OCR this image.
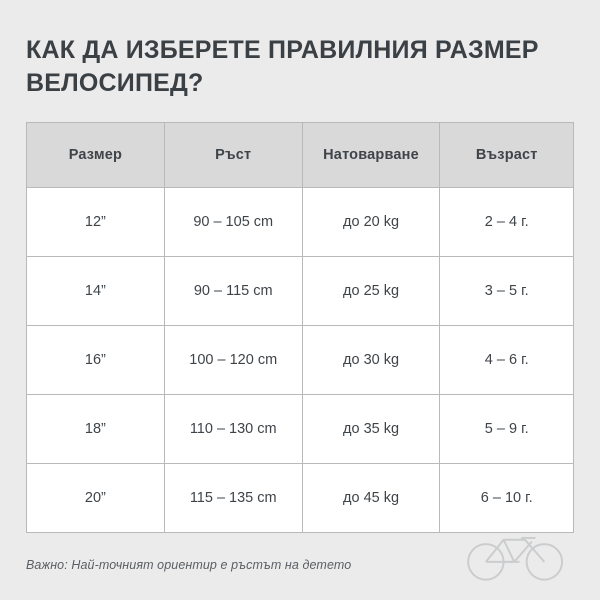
КАК ДА ИЗБЕРЕТЕ ПРАВИЛНИЯ РАЗМЕР ВЕЛОСИПЕД?
Размер	Ръст	Натоварване	Възраст
12”	90 – 105 cm	до 20 kg	2 – 4 г.
14”	90 – 115 cm	до 25 kg	3 – 5 г.
16”	100 – 120 cm	до 30 kg	4 – 6 г.
18”	110 – 130 cm	до 35 kg	5 – 9 г.
20”	115 – 135 cm	до 45 kg	6 – 10 г.
Важно: Най-точният ориентир е ръстът на детето
